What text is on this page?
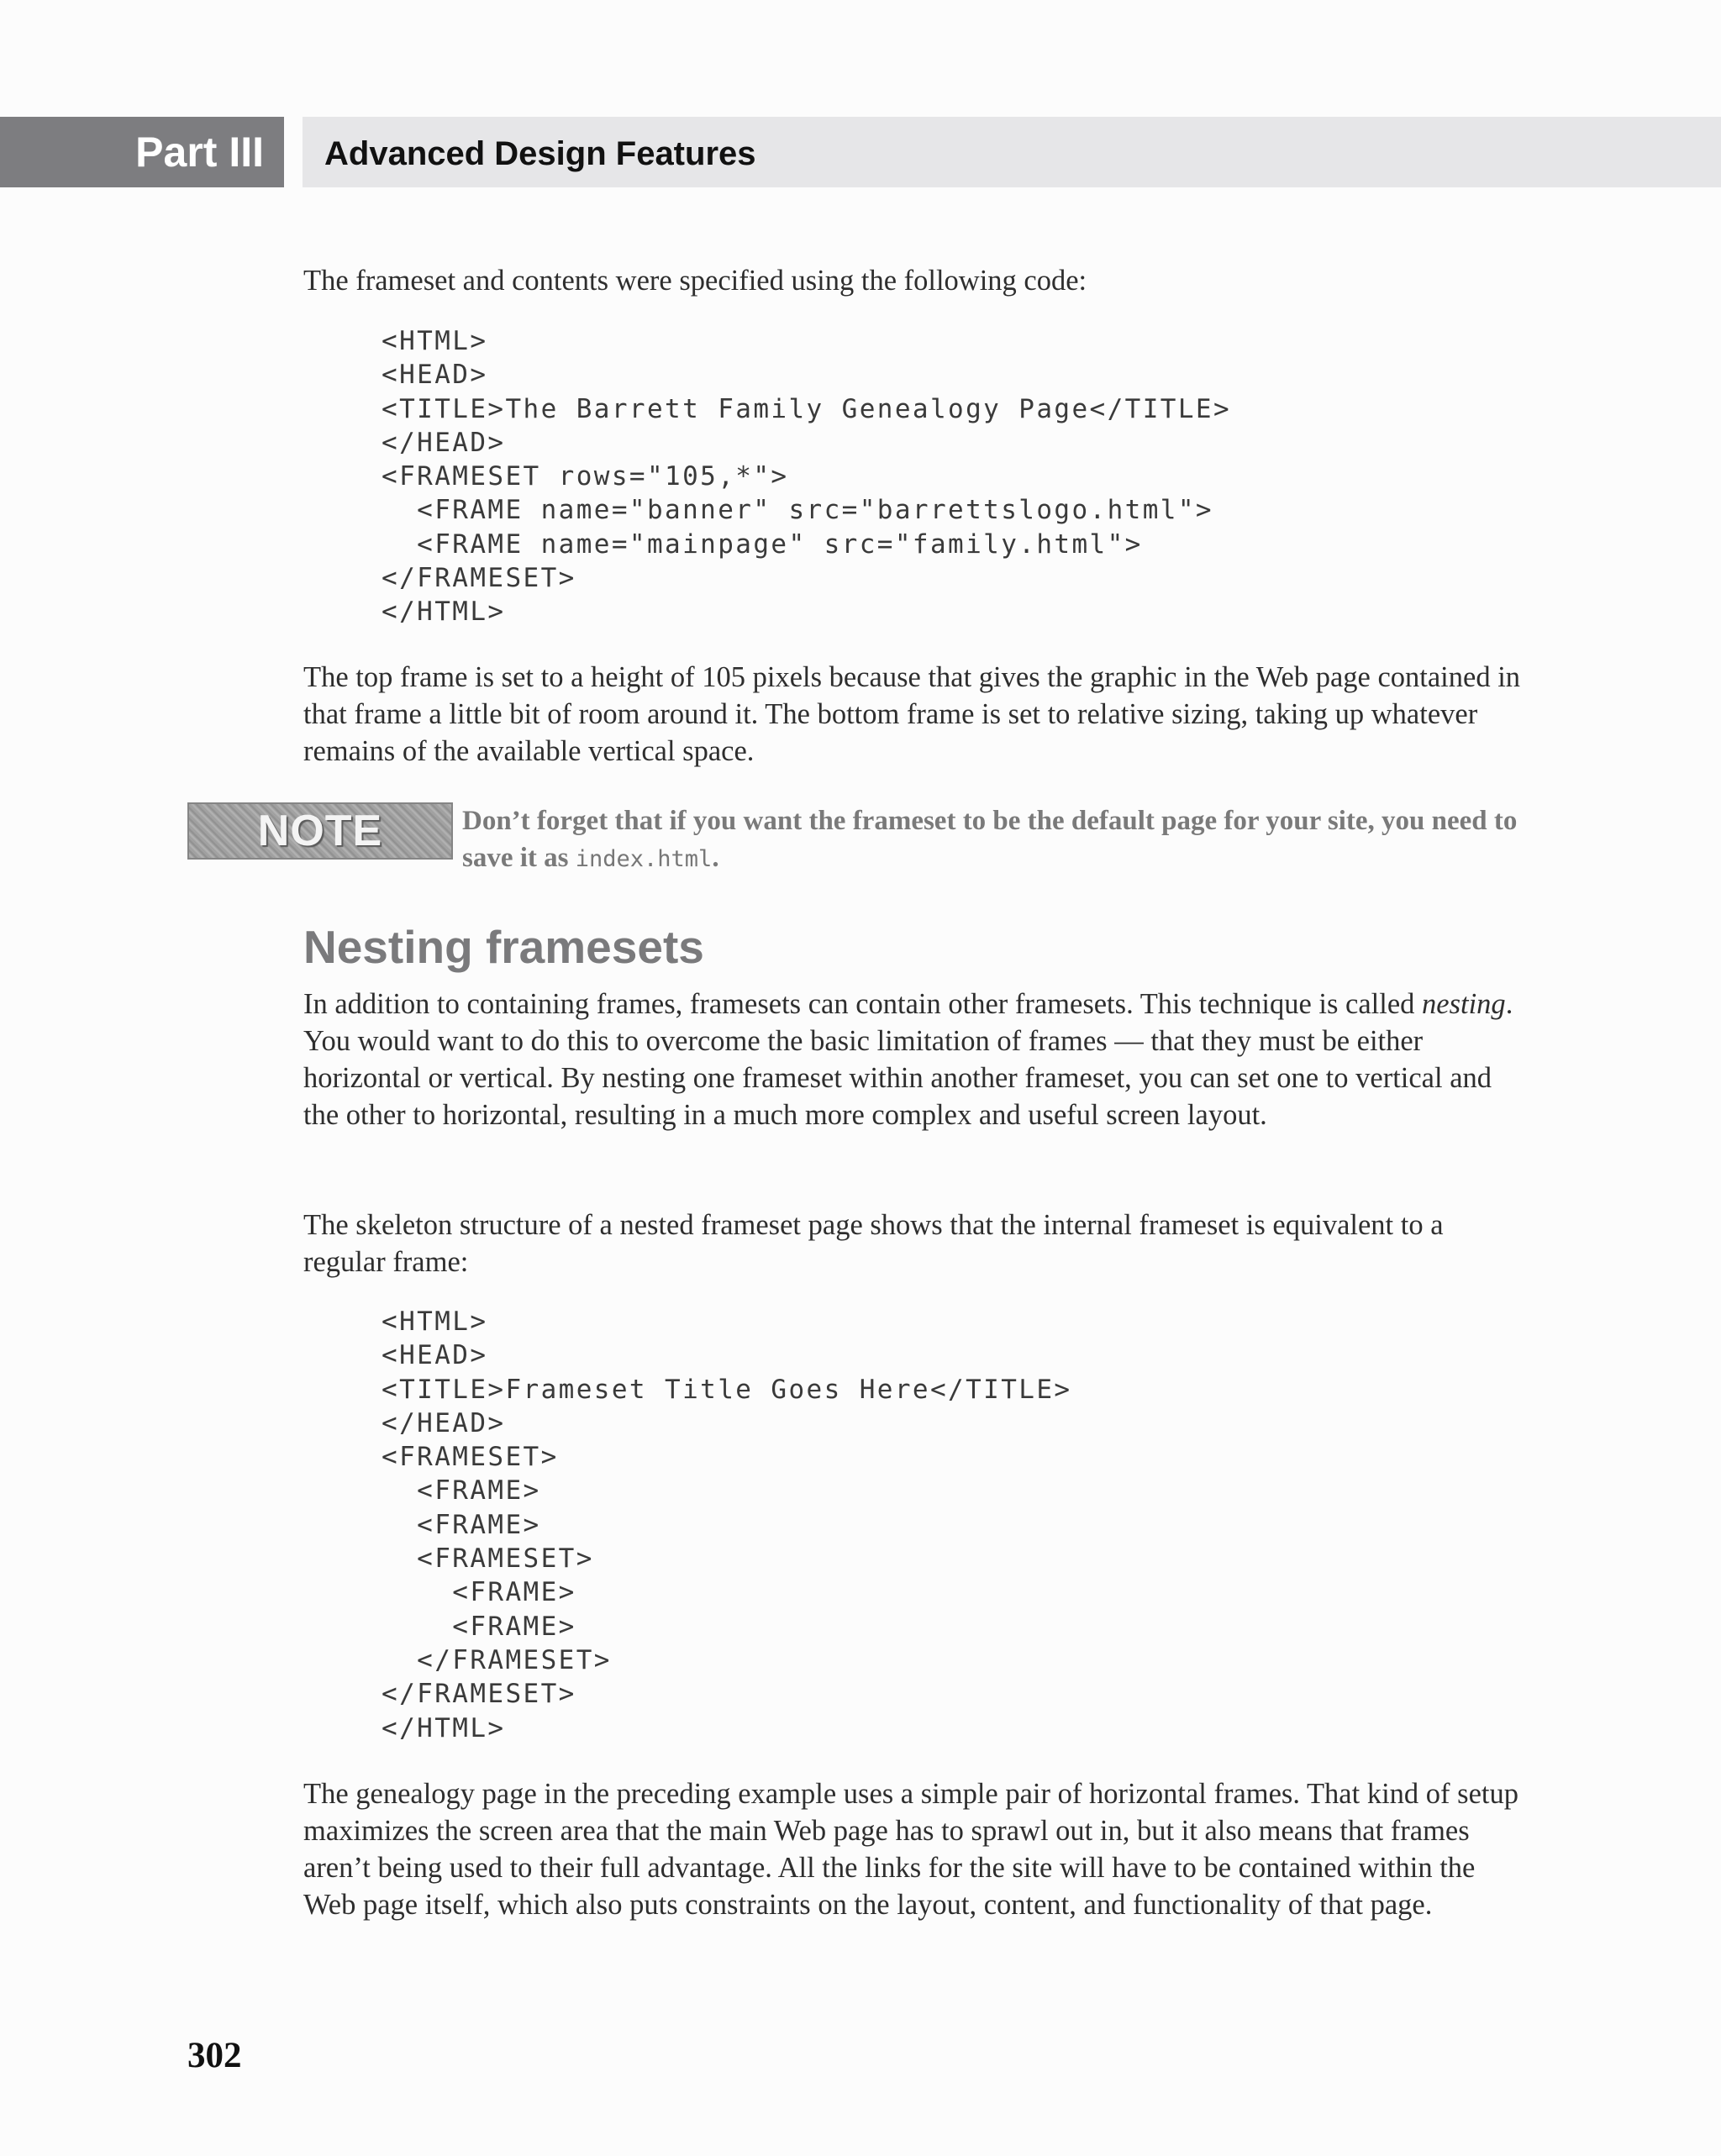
Part III	Advanced Design Features

The frameset and contents were specified using the following code:

<HTML>
<HEAD>
<TITLE>The Barrett Family Genealogy Page</TITLE>
</HEAD>
<FRAMESET rows="105,*">
<FRAME name="banner" src="barrettslogo.html">
<FRAME name="mainpage" src="family.html">
</FRAMESET>
</HTML>

The top frame is set to a height of 105 pixels because that gives the graphic in the Web page contained in that frame a little bit of room around it. The bottom frame is set to relative sizing, taking up whatever remains of the available vertical space.

NOTE	Don’t forget that if you want the frameset to be the default page for your site, you need to save it as index.html.

Nesting framesets

In addition to containing frames, framesets can contain other framesets. This technique is called nesting. You would want to do this to overcome the basic limitation of frames — that they must be either horizontal or vertical. By nesting one frameset within another frameset, you can set one to vertical and the other to horizontal, resulting in a much more complex and useful screen layout.

The skeleton structure of a nested frameset page shows that the internal frameset is equivalent to a regular frame:

<HTML>
<HEAD>
<TITLE>Frameset Title Goes Here</TITLE>
</HEAD>
<FRAMESET>
<FRAME>
<FRAME>
<FRAMESET>
<FRAME>
<FRAME>
</FRAMESET>
</FRAMESET>
</HTML>

The genealogy page in the preceding example uses a simple pair of horizontal frames. That kind of setup maximizes the screen area that the main Web page has to sprawl out in, but it also means that frames aren’t being used to their full advantage. All the links for the site will have to be contained within the Web page itself, which also puts constraints on the layout, content, and functionality of that page.

302
